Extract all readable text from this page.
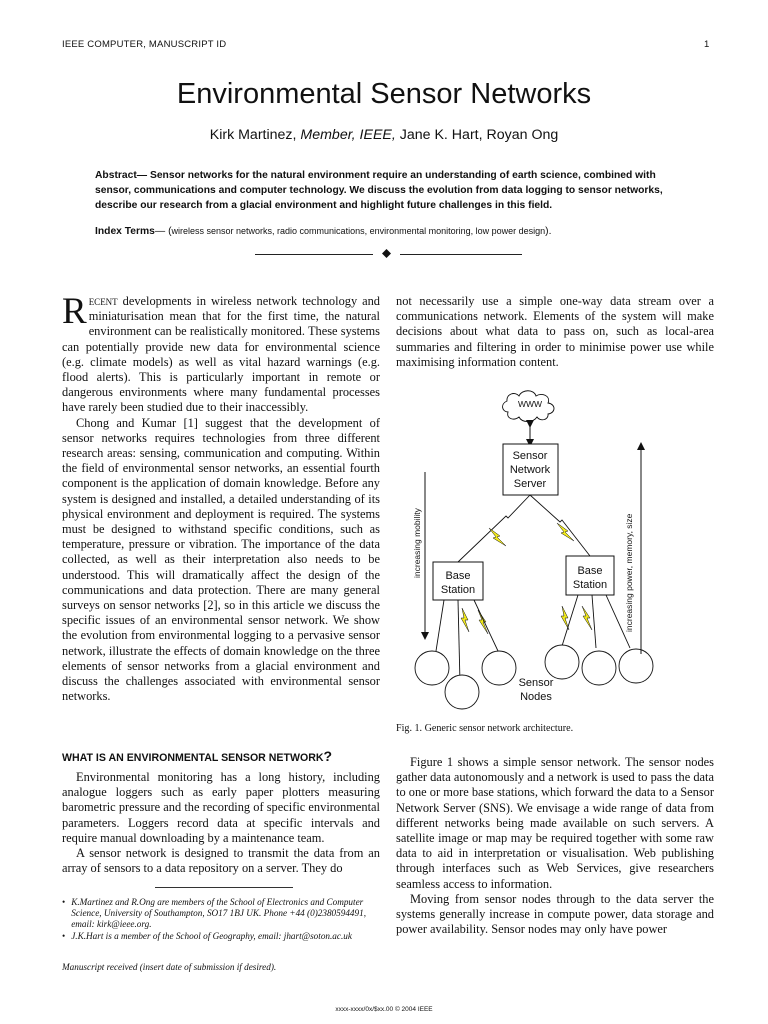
IEEE COMPUTER, MANUSCRIPT ID	1
Environmental Sensor Networks
Kirk Martinez, Member, IEEE, Jane K. Hart, Royan Ong
Abstract— Sensor networks for the natural environment require an understanding of earth science, combined with sensor, communications and computer technology. We discuss the evolution from data logging to sensor networks, describe our research from a glacial environment and highlight future challenges in this field.
Index Terms— (wireless sensor networks, radio communications, environmental monitoring, low power design).

Recent developments in wireless network technology and miniaturisation mean that for the first time, the natural environment can be realistically monitored. These systems can potentially provide new data for environmental science (e.g. climate models) as well as vital hazard warnings (e.g. flood alerts). This is particularly important in remote or dangerous environments where many fundamental processes have rarely been studied due to their inaccessibly.

Chong and Kumar [1] suggest that the development of sensor networks requires technologies from three different research areas: sensing, communication and computing. Within the field of environmental sensor networks, an essential fourth component is the application of domain knowledge. Before any system is designed and installed, a detailed understanding of its physical environment and deployment is required. The systems must be designed to withstand specific conditions, such as temperature, pressure or vibration. The importance of the data collected, as well as their interpretation also needs to be understood. This will dramatically affect the design of the communications and data protection. There are many general surveys on sensor networks [2], so in this article we discuss the specific issues of an environmental sensor network. We show the evolution from environmental logging to a pervasive sensor network, illustrate the effects of domain knowledge on the three elements of sensor networks from a glacial environment and discuss the challenges associated with environmental sensor networks.

WHAT IS AN ENVIRONMENTAL SENSOR NETWORK?

Environmental monitoring has a long history, including analogue loggers such as early paper plotters measuring barometric pressure and the recording of specific environmental parameters. Loggers record data at specific intervals and require manual downloading by a maintenance team.

A sensor network is designed to transmit the data from an array of sensors to a data repository on a server. They do

• K.Martinez and R.Ong are members of the School of Electronics and Computer Science, University of Southampton, SO17 1BJ UK. Phone +44 (0)2380594491, email: kirk@ieee.org.

• J.K.Hart is a member of the School of Geography, email: jhart@soton.ac.uk

Manuscript received (insert date of submission if desired).
xxxx-xxxx/0x/$xx.00 © 2004 IEEE

not necessarily use a simple one-way data stream over a communications network. Elements of the system will make decisions about what data to pass on, such as local-area summaries and filtering in order to minimise power use while maximising information content.

WWW
Sensor
Network
Server
Base
Station
Base
Station
Sensor
Nodes
increasing mobility	increasing power, memory, size
Fig. 1. Generic sensor network architecture.

Figure 1 shows a simple sensor network. The sensor nodes gather data autonomously and a network is used to pass the data to one or more base stations, which forward the data to a Sensor Network Server (SNS). We envisage a wide range of data from different networks being made available on such servers. A satellite image or map may be required together with some raw data to aid in interpretation or visualisation. Web publishing through interfaces such as Web Services, give researchers seamless access to information.

Moving from sensor nodes through to the data server the systems generally increase in compute power, data storage and power availability. Sensor nodes may only have power
